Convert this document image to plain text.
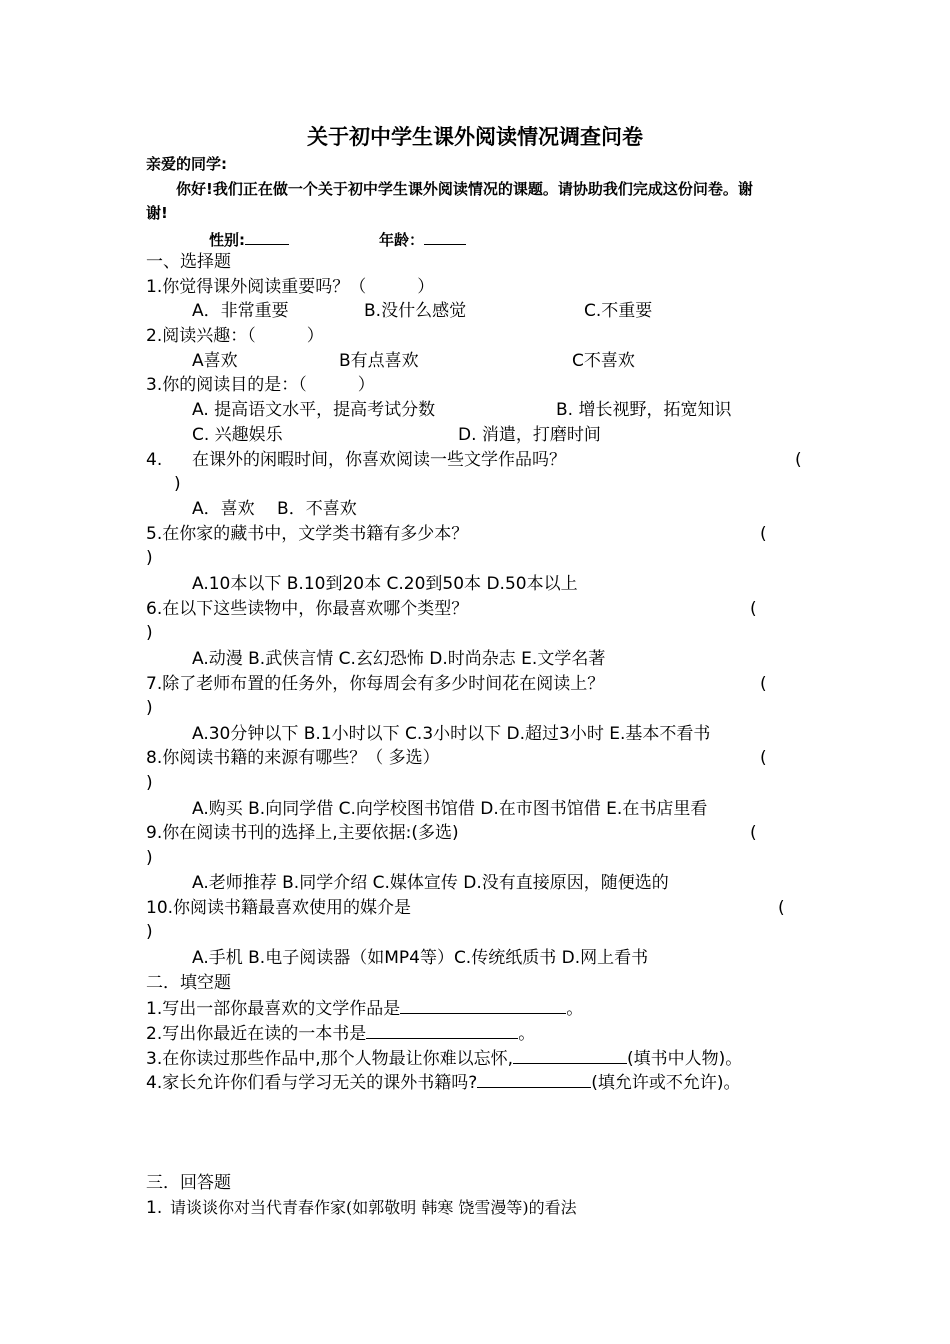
关于初中学生课外阅读情况调查问卷
亲爱的同学:
你好!我们正在做一个关于初中学生课外阅读情况的课题。请协助我们完成这份问卷。谢
谢!
性别:	年龄：
一、选择题
1.你觉得课外阅读重要吗？（　　　）
A．非常重要	B.没什么感觉	C.不重要
2.阅读兴趣：（　　　）
A喜欢	B有点喜欢	C不喜欢
3.你的阅读目的是：（　　　）
A. 提高语文水平，提高考试分数	B. 增长视野，拓宽知识
C. 兴趣娱乐	D. 消遣，打磨时间
4. 在课外的闲暇时间，你喜欢阅读一些文学作品吗？	(
)
A．喜欢　 B．不喜欢
5.在你家的藏书中，文学类书籍有多少本？	(
)
A.10本以下 B.10到20本 C.20到50本 D.50本以上
6.在以下这些读物中，你最喜欢哪个类型？	(
)
A.动漫 B.武侠言情 C.玄幻恐怖 D.时尚杂志 E.文学名著
7.除了老师布置的任务外，你每周会有多少时间花在阅读上？	(
)
A.30分钟以下 B.1小时以下 C.3小时以下 D.超过3小时 E.基本不看书
8.你阅读书籍的来源有哪些？（ 多选）	(
)
A.购买 B.向同学借 C.向学校图书馆借 D.在市图书馆借 E.在书店里看
9.你在阅读书刊的选择上,主要依据:(多选)	(
)
A.老师推荐 B.同学介绍 C.媒体宣传 D.没有直接原因，随便选的
10.你阅读书籍最喜欢使用的媒介是	(
)
A.手机 B.电子阅读器（如MP4等）C.传统纸质书 D.网上看书
二．填空题
1.写出一部你最喜欢的文学作品是	。
2.写出你最近在读的一本书是	。
3.在你读过那些作品中,那个人物最让你难以忘怀,	(填书中人物)。
4.家长允许你们看与学习无关的课外书籍吗?	(填允许或不允许)。
三．回答题
1. 请谈谈你对当代青春作家(如郭敬明 韩寒 饶雪漫等)的看法
